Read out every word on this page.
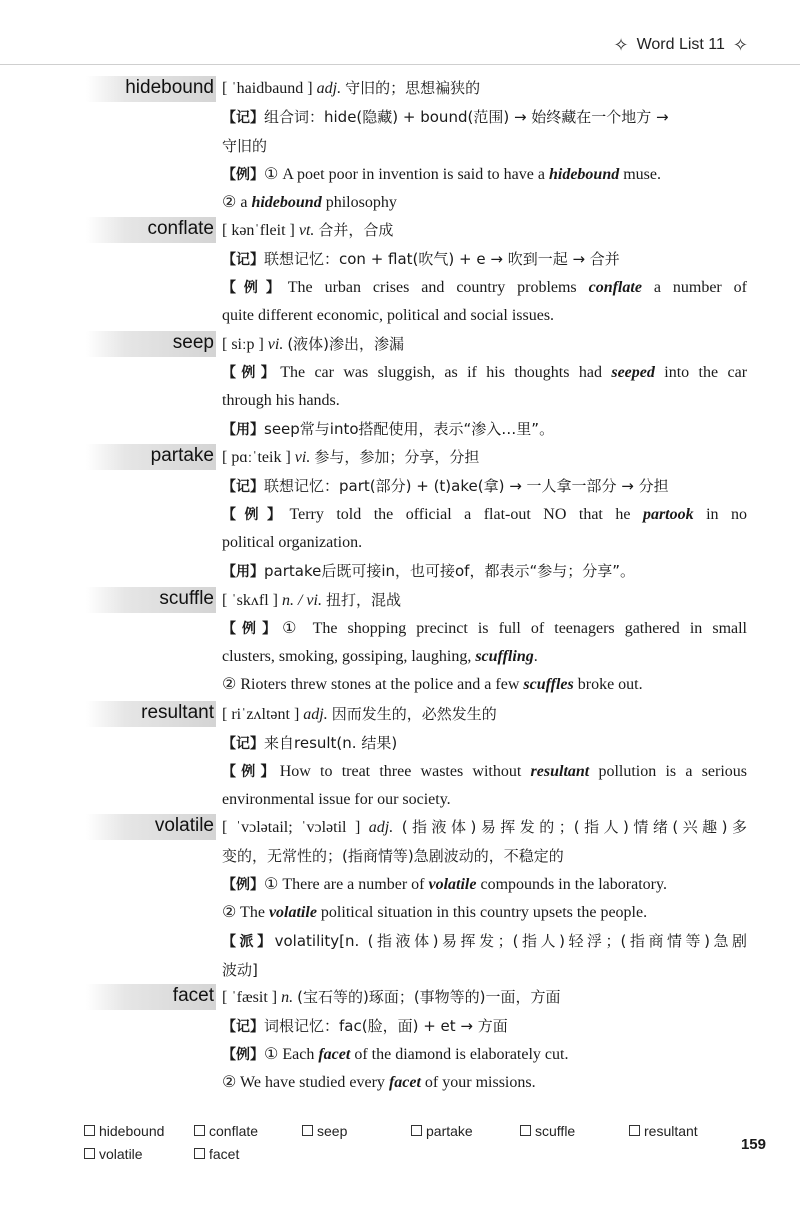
✧ Word List 11 ✧
hidebound [ ˈhaidbaund ] adj. 守旧的；思想褊狭的
【记】组合词：hide(隐藏) + bound(范围) → 始终藏在一个地方 →
守旧的
【例】① A poet poor in invention is said to have a hidebound muse.
② a hidebound philosophy
conflate [ kənˈfleit ] vt. 合并，合成
【记】联想记忆：con + flat(吹气) + e → 吹到一起 → 合并
【例】The urban crises and country problems conflate a number of
quite different economic, political and social issues.
seep [ siːp ] vi. (液体)渗出，渗漏
【例】The car was sluggish, as if his thoughts had seeped into the car
through his hands.
【用】seep常与into搭配使用，表示“渗入…里”。
partake [ pɑːˈteik ] vi. 参与，参加；分享，分担
【记】联想记忆：part(部分) + (t)ake(拿) → 一人拿一部分 → 分担
【例】Terry told the official a flat-out NO that he partook in no
political organization.
【用】partake后既可接in，也可接of，都表示“参与；分享”。
scuffle [ ˈskʌfl ] n. / vi. 扭打，混战
【例】① The shopping precinct is full of teenagers gathered in small
clusters, smoking, gossiping, laughing, scuffling.
② Rioters threw stones at the police and a few scuffles broke out.
resultant [ riˈzʌltənt ] adj. 因而发生的，必然发生的
【记】来自result(n. 结果)
【例】How to treat three wastes without resultant pollution is a serious
environmental issue for our society.
volatile [ ˈvɔlətail; ˈvɔlətil ] adj. (指液体)易挥发的；(指人)情绪(兴趣)多
变的，无常性的；(指商情等)急剧波动的，不稳定的
【例】① There are a number of volatile compounds in the laboratory.
② The volatile political situation in this country upsets the people.
【派】volatility[n. (指液体)易挥发；(指人)轻浮；(指商情等)急剧
波动]
facet [ ˈfæsit ] n. (宝石等的)琢面；(事物等的)一面，方面
【记】词根记忆：fac(脸，面) + et → 方面
【例】① Each facet of the diamond is elaborately cut.
② We have studied every facet of your missions.
hidebound	conflate	seep	partake	scuffle	resultant
volatile	facet
159
